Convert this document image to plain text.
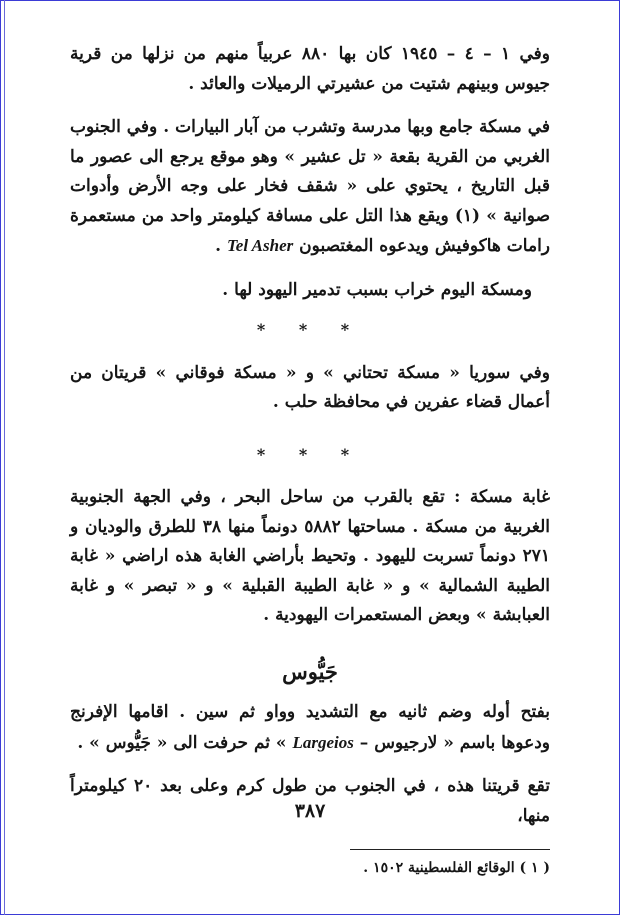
وفي ١ – ٤ – ١٩٤٥ كان بها ٨٨٠ عربياً منهم من نزلها من قرية جيوس وبينهم شتيت من عشيرتي الرميلات والعائد .

في مسكة جامع وبها مدرسة وتشرب من آبار البيارات . وفي الجنوب الغربي من القرية بقعة « تل عشير » وهو موقع يرجع الى عصور ما قبل التاريخ ، يحتوي على « شقف فخار على وجه الأرض وأدوات صوانية » (١) ويقع هذا التل على مسافة كيلومتر واحد من مستعمرة رامات هاكوفيش ويدعوه المغتصبون Tel Asher .

ومسكة اليوم خراب بسبب تدمير اليهود لها .

* * *

وفي سوريا « مسكة تحتاني » و « مسكة فوقاني » قريتان من أعمال قضاء عفرين في محافظة حلب .

* * *

غابة مسكة : تقع بالقرب من ساحل البحر ، وفي الجهة الجنوبية الغربية من مسكة . مساحتها ٥٨٨٢ دونماً منها ٣٨ للطرق والوديان و ٢٧١ دونماً تسربت لليهود . وتحيط بأراضي الغابة هذه اراضي « غابة الطيبة الشمالية » و « غابة الطيبة القبلية » و « تبصر » و غابة العبابشة » وبعض المستعمرات اليهودية .

جَيُّوس

بفتح أوله وضم ثانيه مع التشديد وواو ثم سين . اقامها الإفرنج ودعوها باسم « لارجيوس – Largeios » ثم حرفت الى « جَيُّوس » .

تقع قريتنا هذه ، في الجنوب من طول كرم وعلى بعد ٢٠ كيلومتراً منها،

( ١ ) الوقائع الفلسطينية ١٥٠٢ .

٣٨٧
